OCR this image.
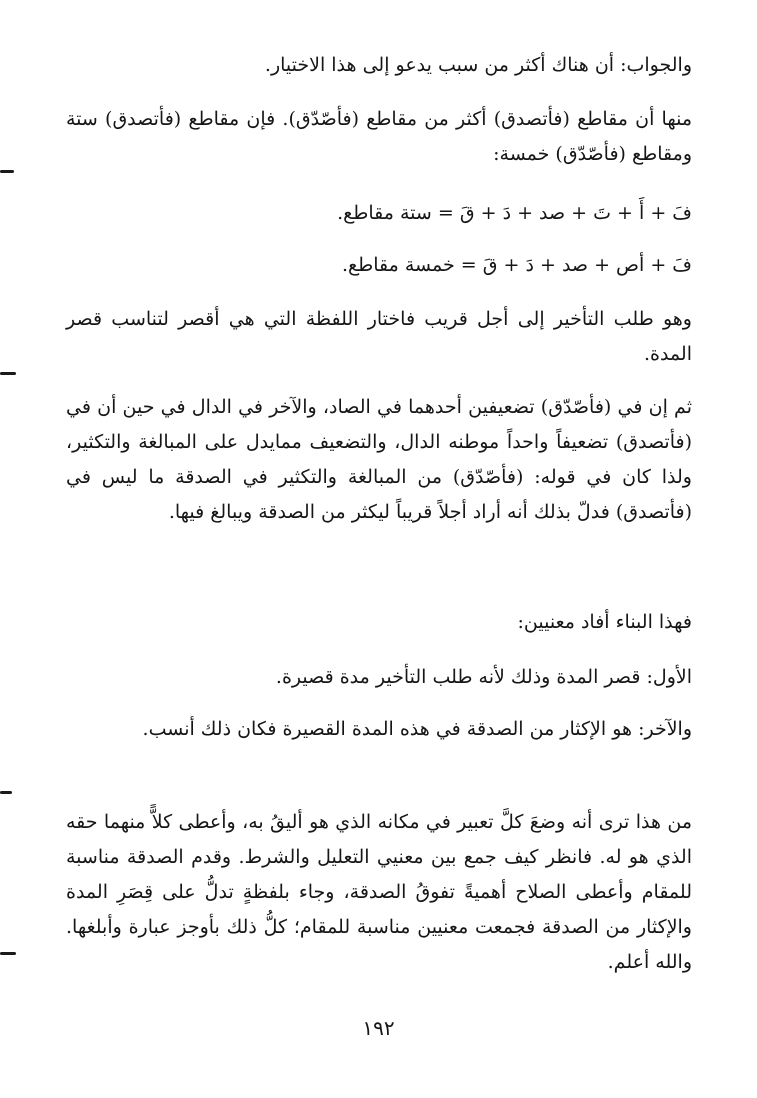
والجواب: أن هناك أكثر من سبب يدعو إلى هذا الاختيار.

منها أن مقاطع (فأتصدق) أكثر من مقاطع (فأصّدّق). فإن مقاطع (فأتصدق) ستة ومقاطع (فأصّدّق) خمسة:

فَ + أَ + تَ + صد + دَ + قَ = ستة مقاطع.

فَ + أص + صد + دَ + قَ = خمسة مقاطع.

وهو طلب التأخير إلى أجل قريب فاختار اللفظة التي هي أقصر لتناسب قصر المدة.

ثم إن في (فأصّدّق) تضعيفين أحدهما في الصاد، والآخر في الدال في حين أن في (فأتصدق) تضعيفاً واحداً موطنه الدال، والتضعيف ممايدل على المبالغة والتكثير، ولذا كان في قوله: (فأصّدّق) من المبالغة والتكثير في الصدقة ما ليس في (فأتصدق) فدلّ بذلك أنه أراد أجلاً قريباً ليكثر من الصدقة ويبالغ فيها.

فهذا البناء أفاد معنيين:

الأول: قصر المدة وذلك لأنه طلب التأخير مدة قصيرة.

والآخر: هو الإكثار من الصدقة في هذه المدة القصيرة فكان ذلك أنسب.

من هذا ترى أنه وضعَ كلَّ تعبير في مكانه الذي هو أليقُ به، وأعطى كلاًّ منهما حقه الذي هو له. فانظر كيف جمع بين معنيي التعليل والشرط. وقدم الصدقة مناسبة للمقام وأعطى الصلاح أهميةً تفوقُ الصدقة، وجاء بلفظةٍ تدلُّ على قِصَرِ المدة والإكثار من الصدقة فجمعت معنيين مناسبة للمقام؛ كلُّ ذلك بأوجز عبارة وأبلغها. والله أعلم.

١٩٢
